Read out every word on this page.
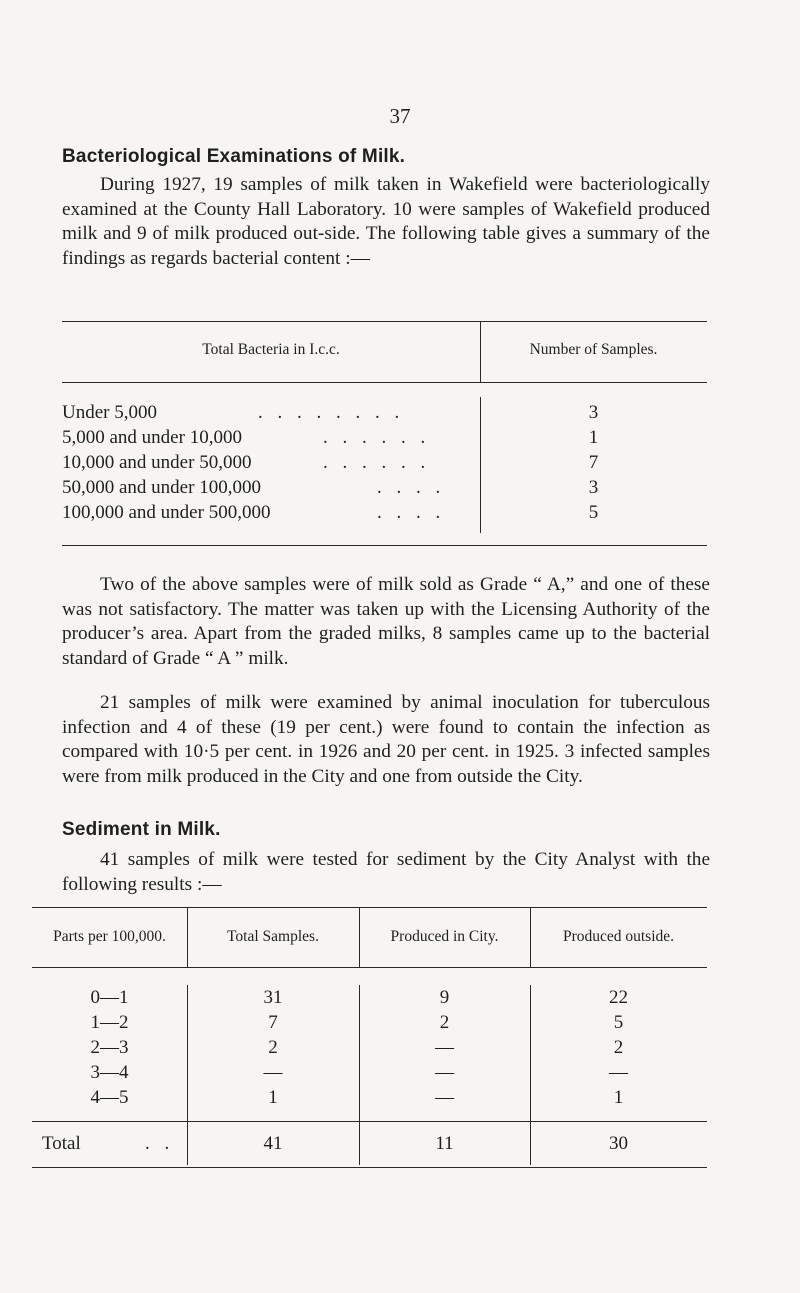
37
Bacteriological Examinations of Milk.

During 1927, 19 samples of milk taken in Wakefield were bacteriologically examined at the County Hall Laboratory. 10 were samples of Wakefield produced milk and 9 of milk produced out-side. The following table gives a summary of the findings as regards bacterial content :—

Total Bacteria in I.c.c.	Number of Samples.
Under 5,000	. . . . . . . .	3
5,000 and under 10,000	. . . . . .	1
10,000 and under 50,000	. . . . . .	7
50,000 and under 100,000	. . . .	3
100,000 and under 500,000	. . . .	5

Two of the above samples were of milk sold as Grade “ A,” and one of these was not satisfactory. The matter was taken up with the Licensing Authority of the producer’s area. Apart from the graded milks, 8 samples came up to the bacterial standard of Grade “ A ” milk.

21 samples of milk were examined by animal inoculation for tuberculous infection and 4 of these (19 per cent.) were found to contain the infection as compared with 10·5 per cent. in 1926 and 20 per cent. in 1925. 3 infected samples were from milk produced in the City and one from outside the City.

Sediment in Milk.

41 samples of milk were tested for sediment by the City Analyst with the following results :—

Parts per 100,000.	Total Samples.	Produced in City.	Produced outside.
0—1	31	9	22
1—2	7	2	5
2—3	2	—	2
3—4	—	—	—
4—5	1	—	1
Total	. .	41	11	30
